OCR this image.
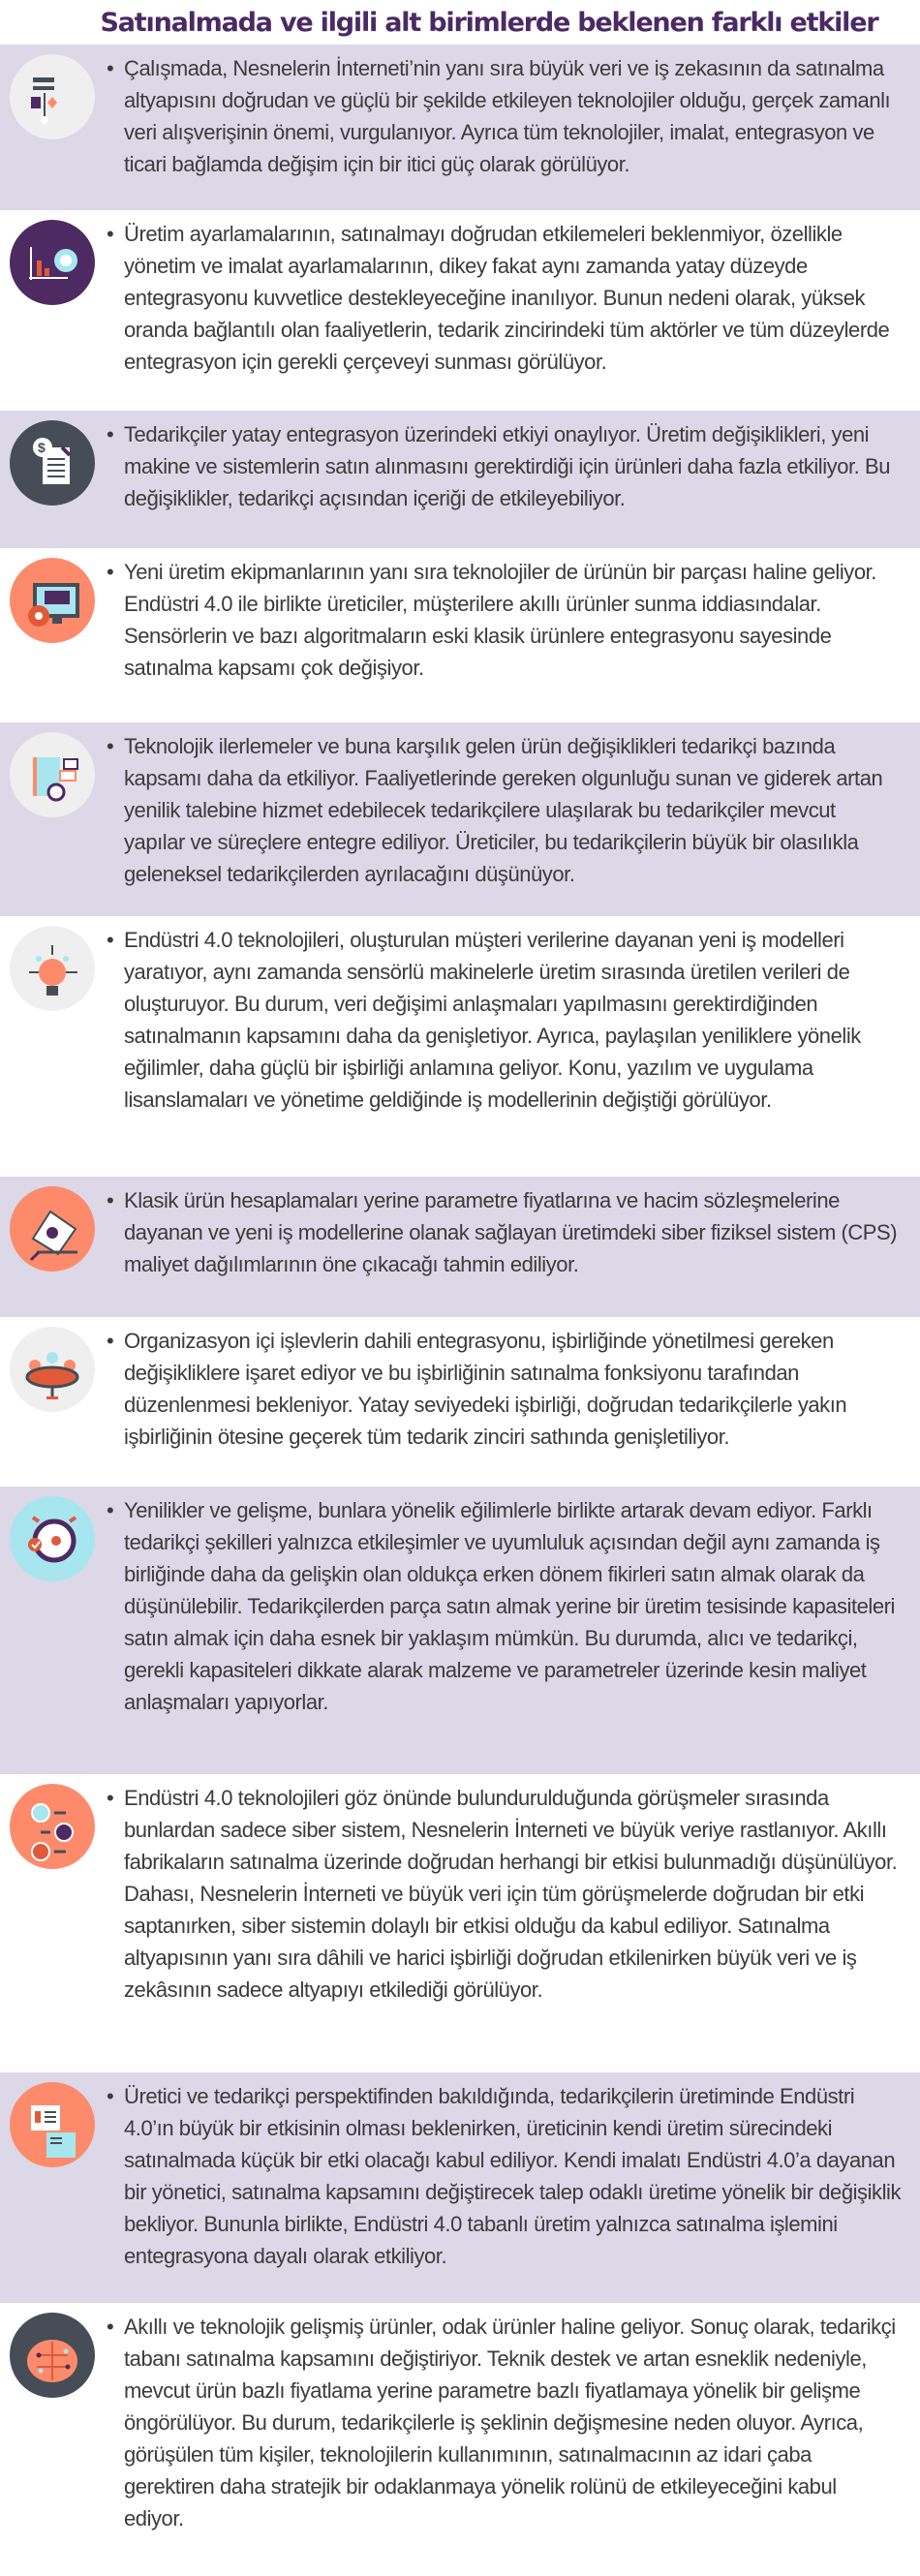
Satınalmada ve ilgili alt birimlerde beklenen farklı etkiler
• Çalışmada, Nesnelerin İnterneti’nin yanı sıra büyük veri ve iş zekasının da satınalma altyapısını doğrudan ve güçlü bir şekilde etkileyen teknolojiler olduğu, gerçek zamanlı veri alışverişinin önemi, vurgulanıyor. Ayrıca tüm teknolojiler, imalat, entegrasyon ve ticari bağlamda değişim için bir itici güç olarak görülüyor.
• Üretim ayarlamalarının, satınalmayı doğrudan etkilemeleri beklenmiyor, özellikle yönetim ve imalat ayarlamalarının, dikey fakat aynı zamanda yatay düzeyde entegrasyonu kuvvetlice destekleyeceğine inanılıyor. Bunun nedeni olarak, yüksek oranda bağlantılı olan faaliyetlerin, tedarik zincirindeki tüm aktörler ve tüm düzeylerde entegrasyon için gerekli çerçeveyi sunması görülüyor.
$
• Tedarikçiler yatay entegrasyon üzerindeki etkiyi onaylıyor. Üretim değişiklikleri, yeni makine ve sistemlerin satın alınmasını gerektirdiği için ürünleri daha fazla etkiliyor. Bu değişiklikler, tedarikçi açısından içeriği de etkileyebiliyor.
• Yeni üretim ekipmanlarının yanı sıra teknolojiler de ürünün bir parçası haline geliyor. Endüstri 4.0 ile birlikte üreticiler, müşterilere akıllı ürünler sunma iddiasındalar. Sensörlerin ve bazı algoritmaların eski klasik ürünlere entegrasyonu sayesinde satınalma kapsamı çok değişiyor.
• Teknolojik ilerlemeler ve buna karşılık gelen ürün değişiklikleri tedarikçi bazında kapsamı daha da etkiliyor. Faaliyetlerinde gereken olgunluğu sunan ve giderek artan yenilik talebine hizmet edebilecek tedarikçilere ulaşılarak bu tedarikçiler mevcut yapılar ve süreçlere entegre ediliyor. Üreticiler, bu tedarikçilerin büyük bir olasılıkla geleneksel tedarikçilerden ayrılacağını düşünüyor.
• Endüstri 4.0 teknolojileri, oluşturulan müşteri verilerine dayanan yeni iş modelleri yaratıyor, aynı zamanda sensörlü makinelerle üretim sırasında üretilen verileri de oluşturuyor. Bu durum, veri değişimi anlaşmaları yapılmasını gerektirdiğinden satınalmanın kapsamını daha da genişletiyor. Ayrıca, paylaşılan yeniliklere yönelik eğilimler, daha güçlü bir işbirliği anlamına geliyor. Konu, yazılım ve uygulama lisanslamaları ve yönetime geldiğinde iş modellerinin değiştiği görülüyor.
• Klasik ürün hesaplamaları yerine parametre fiyatlarına ve hacim sözleşmelerine dayanan ve yeni iş modellerine olanak sağlayan üretimdeki siber fiziksel sistem (CPS) maliyet dağılımlarının öne çıkacağı tahmin ediliyor.
• Organizasyon içi işlevlerin dahili entegrasyonu, işbirliğinde yönetilmesi gereken değişikliklere işaret ediyor ve bu işbirliğinin satınalma fonksiyonu tarafından düzenlenmesi bekleniyor. Yatay seviyedeki işbirliği, doğrudan tedarikçilerle yakın işbirliğinin ötesine geçerek tüm tedarik zinciri sathında genişletiliyor.
• Yenilikler ve gelişme, bunlara yönelik eğilimlerle birlikte artarak devam ediyor. Farklı tedarikçi şekilleri yalnızca etkileşimler ve uyumluluk açısından değil aynı zamanda iş birliğinde daha da gelişkin olan oldukça erken dönem fikirleri satın almak olarak da düşünülebilir. Tedarikçilerden parça satın almak yerine bir üretim tesisinde kapasiteleri satın almak için daha esnek bir yaklaşım mümkün. Bu durumda, alıcı ve tedarikçi, gerekli kapasiteleri dikkate alarak malzeme ve parametreler üzerinde kesin maliyet anlaşmaları yapıyorlar.
• Endüstri 4.0 teknolojileri göz önünde bulundurulduğunda görüşmeler sırasında bunlardan sadece siber sistem, Nesnelerin İnterneti ve büyük veriye rastlanıyor. Akıllı fabrikaların satınalma üzerinde doğrudan herhangi bir etkisi bulunmadığı düşünülüyor. Dahası, Nesnelerin İnterneti ve büyük veri için tüm görüşmelerde doğrudan bir etki saptanırken, siber sistemin dolaylı bir etkisi olduğu da kabul ediliyor. Satınalma altyapısının yanı sıra dâhili ve harici işbirliği doğrudan etkilenirken büyük veri ve iş zekâsının sadece altyapıyı etkilediği görülüyor.
• Üretici ve tedarikçi perspektifinden bakıldığında, tedarikçilerin üretiminde Endüstri 4.0’ın büyük bir etkisinin olması beklenirken, üreticinin kendi üretim sürecindeki satınalmada küçük bir etki olacağı kabul ediliyor. Kendi imalatı Endüstri 4.0’a dayanan bir yönetici, satınalma kapsamını değiştirecek talep odaklı üretime yönelik bir değişiklik bekliyor. Bununla birlikte, Endüstri 4.0 tabanlı üretim yalnızca satınalma işlemini entegrasyona dayalı olarak etkiliyor.
• Akıllı ve teknolojik gelişmiş ürünler, odak ürünler haline geliyor. Sonuç olarak, tedarikçi tabanı satınalma kapsamını değiştiriyor. Teknik destek ve artan esneklik nedeniyle, mevcut ürün bazlı fiyatlama yerine parametre bazlı fiyatlamaya yönelik bir gelişme öngörülüyor. Bu durum, tedarikçilerle iş şeklinin değişmesine neden oluyor. Ayrıca, görüşülen tüm kişiler, teknolojilerin kullanımının, satınalmacının az idari çaba gerektiren daha stratejik bir odaklanmaya yönelik rolünü de etkileyeceğini kabul ediyor.
